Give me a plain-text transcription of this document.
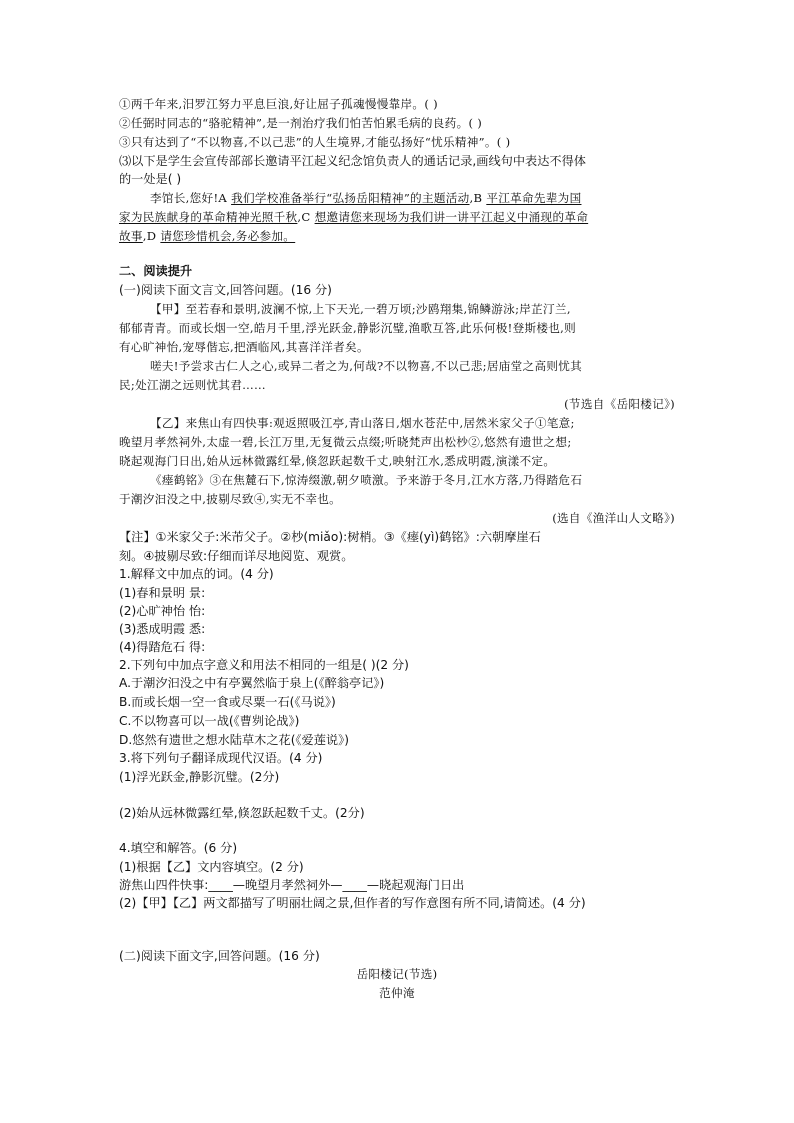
①两千年来,汨罗江努力平息巨浪,好让屈子孤魂慢慢靠岸。( )
②任弼时同志的“骆驼精神”,是一剂治疗我们怕苦怕累毛病的良药。( )
③只有达到了“不以物喜,不以己悲”的人生境界,才能弘扬好“忧乐精神”。( )
⑶以下是学生会宣传部部长邀请平江起义纪念馆负责人的通话记录,画线句中表达不得体
的一处是( )
李馆长,您好!A 我们学校准备举行“弘扬岳阳精神”的主题活动,B 平江革命先辈为国
家为民族献身的革命精神光照千秋,C 想邀请您来现场为我们讲一讲平江起义中涌现的革命
故事,D 请您珍惜机会,务必参加。
二、阅读提升
(一)阅读下面文言文,回答问题。(16 分)
【甲】至若春和景明,波澜不惊,上下天光,一碧万顷;沙鸥翔集,锦鳞游泳;岸芷汀兰,
郁郁青青。而或长烟一空,皓月千里,浮光跃金,静影沉璧,渔歌互答,此乐何极!登斯楼也,则
有心旷神怡,宠辱偕忘,把酒临风,其喜洋洋者矣。
嗟夫!予尝求古仁人之心,或异二者之为,何哉?不以物喜,不以己悲;居庙堂之高则忧其
民;处江湖之远则忧其君……
(节选自《岳阳楼记》)
【乙】来焦山有四快事:观返照吸江亭,青山落日,烟水苍茫中,居然米家父子①笔意;
晚望月孝然祠外,太虚一碧,长江万里,无复微云点缀;听晓梵声出松杪②,悠然有遗世之想;
晓起观海门日出,始从远林微露红晕,倏忽跃起数千丈,映射江水,悉成明霞,演漾不定。
《瘗鹤铭》③在焦麓石下,惊涛缀激,朝夕喷激。予来游于冬月,江水方落,乃得踏危石
于潮汐汩没之中,披剔尽致④,实无不幸也。
(选自《渔洋山人文略》)
【注】①米家父子:米芾父子。②杪(miǎo):树梢。③《瘗(yì)鹤铭》:六朝摩崖石
刻。④披剔尽致:仔细而详尽地阅览、观赏。
1.解释文中加点的词。(4 分)
(1)春和景明 景:
(2)心旷神怡 怡:
(3)悉成明霞 悉:
(4)得踏危石 得:
2.下列句中加点字意义和用法不相同的一组是( )(2 分)
A.于潮汐汩没之中有亭翼然临于泉上(《醉翁亭记》)
B.而或长烟一空一食或尽粟一石(《马说》)
C.不以物喜可以一战(《曹刿论战》)
D.悠然有遗世之想水陆草木之花(《爱莲说》)
3.将下列句子翻译成现代汉语。(4 分)
(1)浮光跃金,静影沉璧。(2分)
(2)始从远林微露红晕,倏忽跃起数千丈。(2分)
4.填空和解答。(6 分)
(1)根据【乙】文内容填空。(2 分)
游焦山四件快事:____—晚望月孝然祠外—____—晓起观海门日出
(2)【甲】【乙】两文都描写了明丽壮阔之景,但作者的写作意图有所不同,请简述。(4 分)
(二)阅读下面文字,回答问题。(16 分)
岳阳楼记(节选)
范仲淹
